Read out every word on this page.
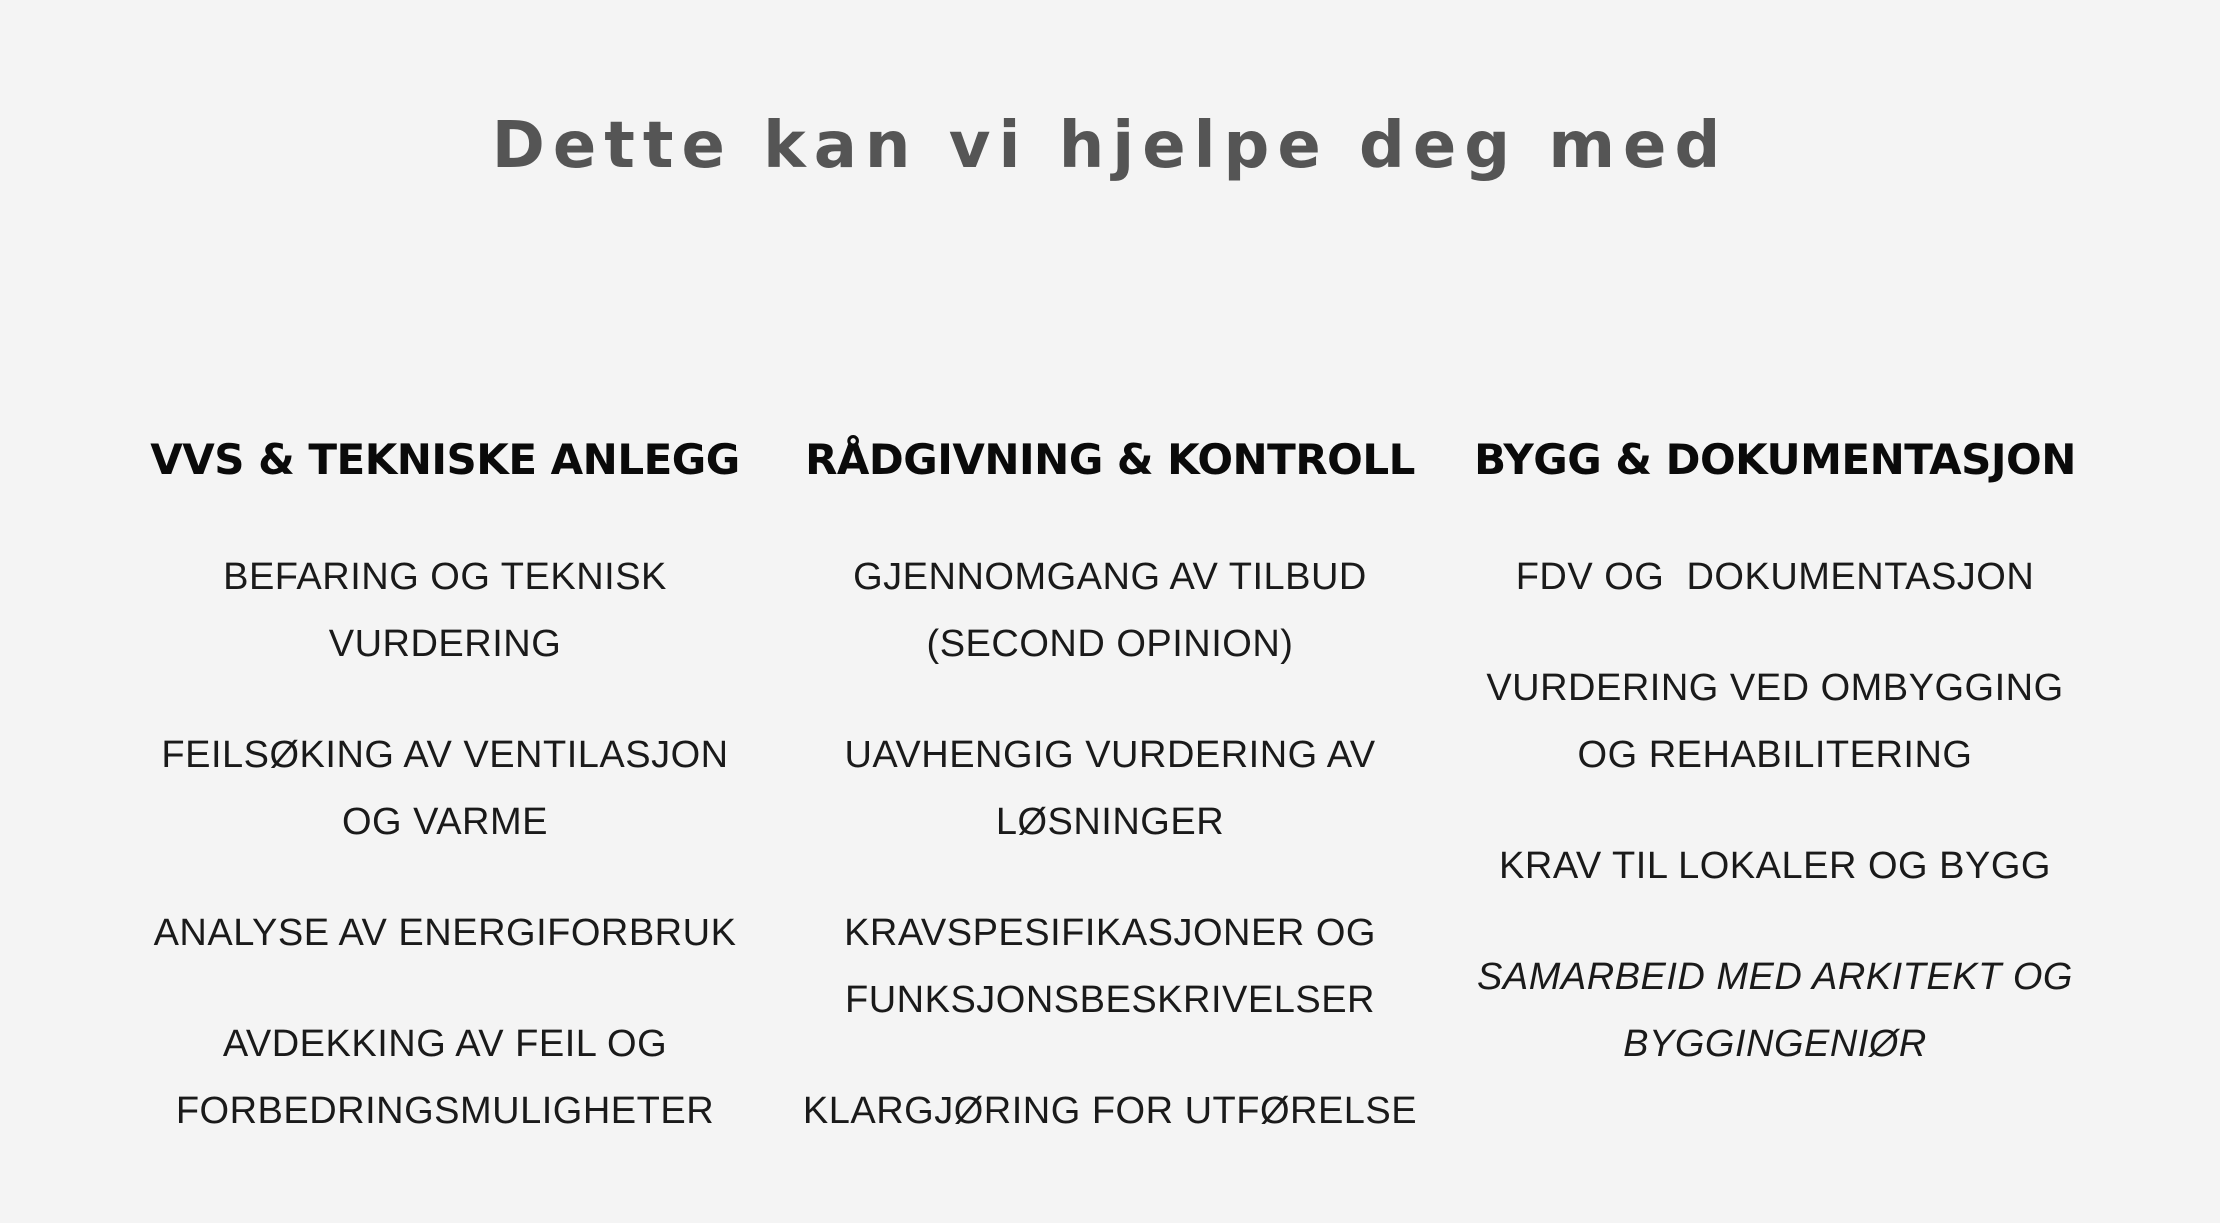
Dette kan vi hjelpe deg med
VVS & TEKNISKE ANLEGG
BEFARING OG TEKNISK
VURDERING
FEILSØKING AV VENTILASJON
OG VARME
ANALYSE AV ENERGIFORBRUK
AVDEKKING AV FEIL OG
FORBEDRINGSMULIGHETER
RÅDGIVNING & KONTROLL
GJENNOMGANG AV TILBUD
(SECOND OPINION)
UAVHENGIG VURDERING AV
LØSNINGER
KRAVSPESIFIKASJONER OG
FUNKSJONSBESKRIVELSER
KLARGJØRING FOR UTFØRELSE
BYGG & DOKUMENTASJON
FDV OG  DOKUMENTASJON
VURDERING VED OMBYGGING
OG REHABILITERING
KRAV TIL LOKALER OG BYGG
SAMARBEID MED ARKITEKT OG
BYGGINGENIØR
